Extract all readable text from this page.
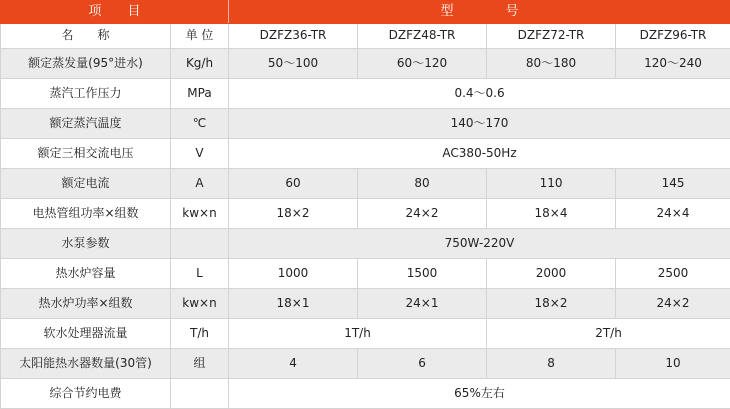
项　　目		型　　　　号			
名　　称	单 位	DZFZ36-TR	DZFZ48-TR	DZFZ72-TR	DZFZ96-TR
额定蒸发量(95°进水)	Kg/h	50～100	60～120	80～180	120～240
蒸汽工作压力	MPa	0.4～0.6			
额定蒸汽温度	℃	140～170			
额定三相交流电压	V	AC380-50Hz			
额定电流	A	60	80	110	145
电热管组功率×组数	kw×n	18×2	24×2	18×4	24×4
水泵参数		750W-220V			
热水炉容量	L	1000	1500	2000	2500
热水炉功率×组数	kw×n	18×1	24×1	18×2	24×2
软水处理器流量	T/h	1T/h		2T/h	
太阳能热水器数量(30管)	组	4	6	8	10
综合节约电费		65%左右			
